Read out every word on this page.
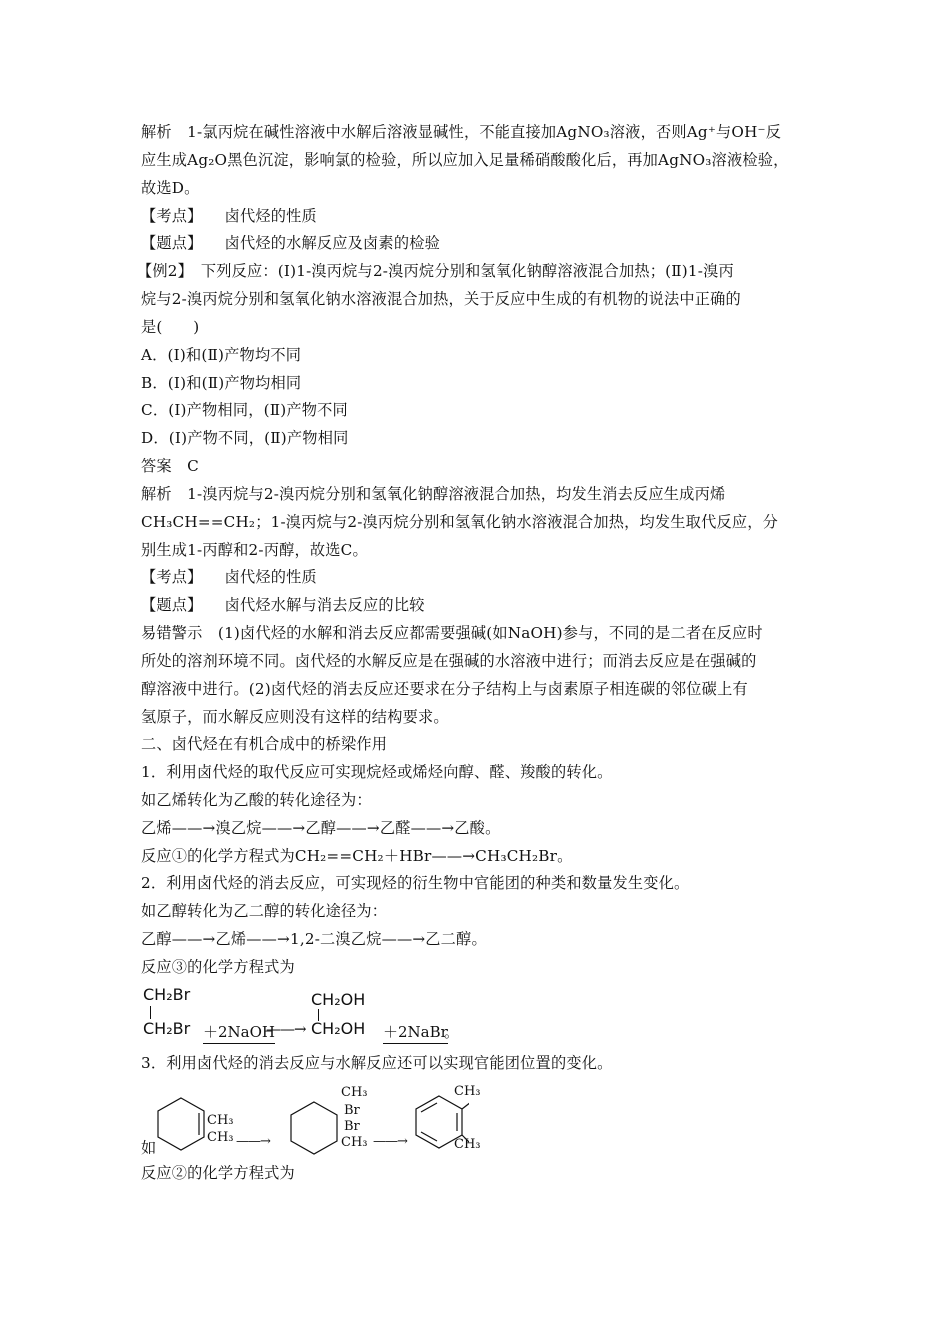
解析　1-氯丙烷在碱性溶液中水解后溶液显碱性，不能直接加AgNO₃溶液，否则Ag⁺与OH⁻反
应生成Ag₂O黑色沉淀，影响氯的检验，所以应加入足量稀硝酸酸化后，再加AgNO₃溶液检验，
故选D。
【考点】 卤代烃的性质
【题点】 卤代烃的水解反应及卤素的检验
【例2】　下列反应：(Ⅰ)1-溴丙烷与2-溴丙烷分别和氢氧化钠醇溶液混合加热；(Ⅱ)1-溴丙
烷与2-溴丙烷分别和氢氧化钠水溶液混合加热，关于反应中生成的有机物的说法中正确的
是(　　)
A．(Ⅰ)和(Ⅱ)产物均不同
B．(Ⅰ)和(Ⅱ)产物均相同
C．(Ⅰ)产物相同，(Ⅱ)产物不同
D．(Ⅰ)产物不同，(Ⅱ)产物相同
答案　C
解析　1-溴丙烷与2-溴丙烷分别和氢氧化钠醇溶液混合加热，均发生消去反应生成丙烯
CH₃CH==CH₂；1-溴丙烷与2-溴丙烷分别和氢氧化钠水溶液混合加热，均发生取代反应，分
别生成1-丙醇和2-丙醇，故选C。
【考点】 卤代烃的性质
【题点】 卤代烃水解与消去反应的比较
易错警示　(1)卤代烃的水解和消去反应都需要强碱(如NaOH)参与，不同的是二者在反应时
所处的溶剂环境不同。卤代烃的水解反应是在强碱的水溶液中进行；而消去反应是在强碱的
醇溶液中进行。(2)卤代烃的消去反应还要求在分子结构上与卤素原子相连碳的邻位碳上有
氢原子，而水解反应则没有这样的结构要求。
二、卤代烃在有机合成中的桥梁作用
1．利用卤代烃的取代反应可实现烷烃或烯烃向醇、醛、羧酸的转化。
如乙烯转化为乙酸的转化途径为：
乙烯——→溴乙烷——→乙醇——→乙醛——→乙酸。
反应①的化学方程式为CH₂==CH₂＋HBr——→CH₃CH₂Br。
2．利用卤代烃的消去反应，可实现烃的衍生物中官能团的种类和数量发生变化。
如乙醇转化为乙二醇的转化途径为：
乙醇——→乙烯——→1,2-二溴乙烷——→乙二醇。
反应③的化学方程式为
CH₂Br
CH₂Br ＋2NaOH
——→
CH₂OH
CH₂OH ＋2NaBr
。
3．利用卤代烃的消去反应与水解反应还可以实现官能团位置的变化。
如
CH₃
CH₃ ——→
CH₃
Br
Br
CH₃ ——→
CH₃
CH₃
反应②的化学方程式为
